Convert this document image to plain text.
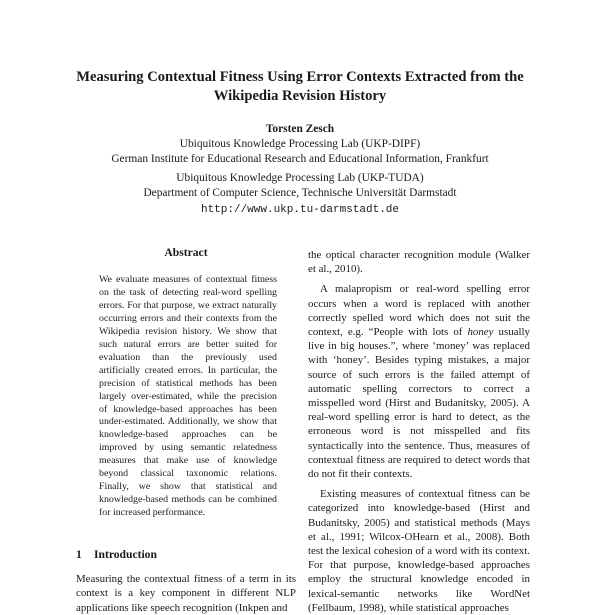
Measuring Contextual Fitness Using Error Contexts Extracted from the
Wikipedia Revision History
Torsten Zesch
Ubiquitous Knowledge Processing Lab (UKP-DIPF)
German Institute for Educational Research and Educational Information, Frankfurt
Ubiquitous Knowledge Processing Lab (UKP-TUDA)
Department of Computer Science, Technische Universität Darmstadt
http://www.ukp.tu-darmstadt.de
Abstract

We evaluate measures of contextual fitness on the task of detecting real-word spelling errors. For that purpose, we extract naturally occurring errors and their contexts from the Wikipedia revision history. We show that such natural errors are better suited for evaluation than the previously used artificially created errors. In particular, the precision of statistical methods has been largely over-estimated, while the precision of knowledge-based approaches has been under-estimated. Additionally, we show that knowledge-based approaches can be improved by using semantic relatedness measures that make use of knowledge beyond classical taxonomic relations. Finally, we show that statistical and knowledge-based methods can be combined for increased performance.

1 Introduction

Measuring the contextual fitness of a term in its context is a key component in different NLP applications like speech recognition (Inkpen and

the optical character recognition module (Walker et al., 2010).

A malapropism or real-word spelling error occurs when a word is replaced with another correctly spelled word which does not suit the context, e.g. “People with lots of honey usually live in big houses.”, where ‘money’ was replaced with ‘honey’. Besides typing mistakes, a major source of such errors is the failed attempt of automatic spelling correctors to correct a misspelled word (Hirst and Budanitsky, 2005). A real-word spelling error is hard to detect, as the erroneous word is not misspelled and fits syntactically into the sentence. Thus, measures of contextual fitness are required to detect words that do not fit their contexts.

Existing measures of contextual fitness can be categorized into knowledge-based (Hirst and Budanitsky, 2005) and statistical methods (Mays et al., 1991; Wilcox-OHearn et al., 2008). Both test the lexical cohesion of a word with its context. For that purpose, knowledge-based approaches employ the structural knowledge encoded in lexical-semantic networks like WordNet (Fellbaum, 1998), while statistical approaches
